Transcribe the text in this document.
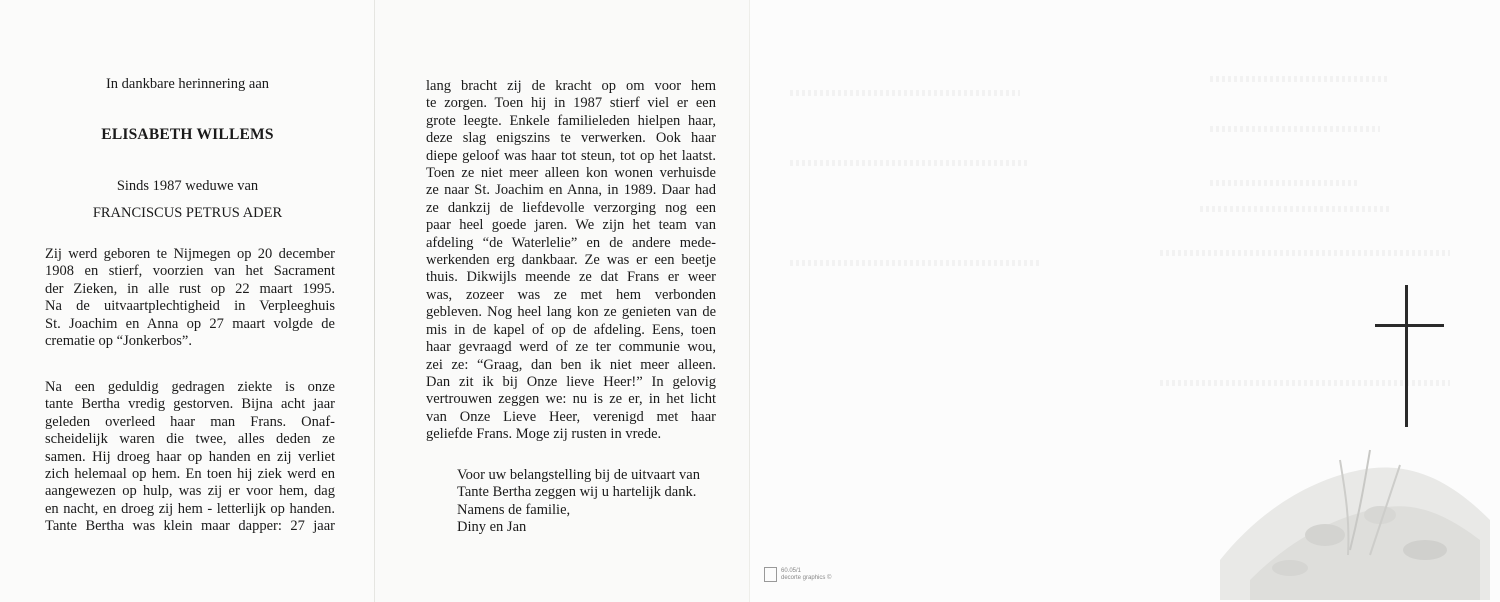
In dankbare herinnering aan
ELISABETH WILLEMS
Sinds 1987 weduwe van
FRANCISCUS PETRUS ADER
Zij werd geboren te Nijmegen op 20 december
1908 en stierf, voorzien van het Sacrament
der Zieken, in alle rust op 22 maart 1995.
Na de uitvaartplechtigheid in Verpleeghuis
St. Joachim en Anna op 27 maart volgde de
crematie op “Jonkerbos”.
Na een geduldig gedragen ziekte is onze
tante Bertha vredig gestorven. Bijna acht jaar
geleden overleed haar man Frans. Onaf-
scheidelijk waren die twee, alles deden ze
samen. Hij droeg haar op handen en zij verliet
zich helemaal op hem. En toen hij ziek werd en
aangewezen op hulp, was zij er voor hem, dag
en nacht, en droeg zij hem - letterlijk op handen.
Tante Bertha was klein maar dapper: 27 jaar
lang bracht zij de kracht op om voor hem
te zorgen. Toen hij in 1987 stierf viel er een
grote leegte. Enkele familieleden hielpen haar,
deze slag enigszins te verwerken. Ook haar
diepe geloof was haar tot steun, tot op het laatst.
Toen ze niet meer alleen kon wonen verhuisde
ze naar St. Joachim en Anna, in 1989. Daar had
ze dankzij de liefdevolle verzorging nog een
paar heel goede jaren. We zijn het team van
afdeling “de Waterlelie” en de andere mede-
werkenden erg dankbaar. Ze was er een beetje
thuis. Dikwijls meende ze dat Frans er weer
was, zozeer was ze met hem verbonden
gebleven. Nog heel lang kon ze genieten van de
mis in de kapel of op de afdeling. Eens, toen
haar gevraagd werd of ze ter communie wou,
zei ze: “Graag, dan ben ik niet meer alleen.
Dan zit ik bij Onze lieve Heer!” In gelovig
vertrouwen zeggen we: nu is ze er, in het licht
van Onze Lieve Heer, verenigd met haar
geliefde Frans. Moge zij rusten in vrede.
Voor uw belangstelling bij de uitvaart van
Tante Bertha zeggen wij u hartelijk dank.
Namens de familie,
Diny en Jan
60.05/1
decorte graphics ©
